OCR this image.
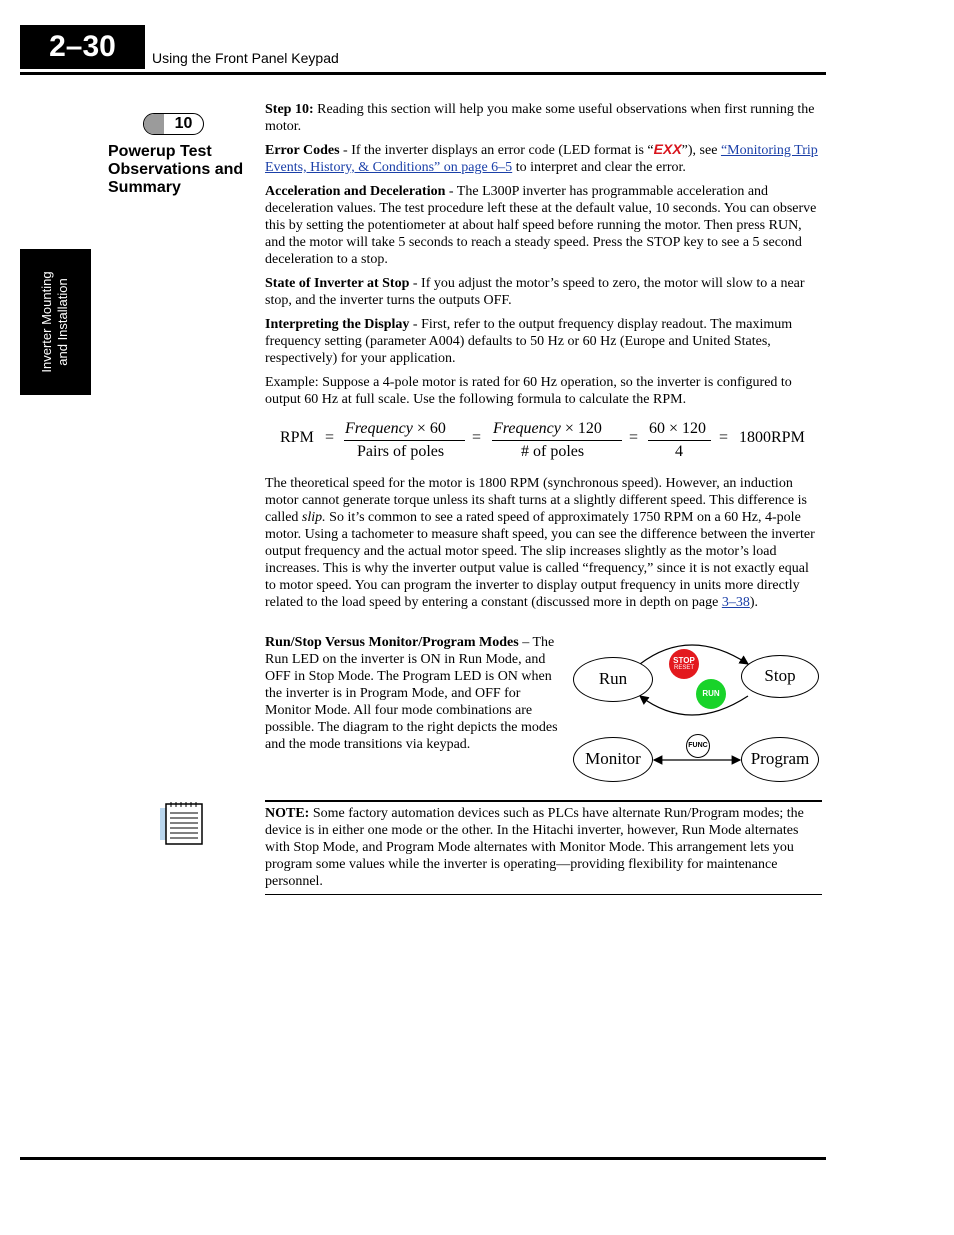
2–30	Using the Front Panel Keypad
Inverter Mounting and Installation
10
Powerup Test Observations and Summary

Step 10: Reading this section will help you make some useful observations when first running the motor.

Error Codes - If the inverter displays an error code (LED format is “EXX”), see “Monitoring Trip Events, History, & Conditions” on page 6–5 to interpret and clear the error.

Acceleration and Deceleration - The L300P inverter has programmable acceleration and deceleration values. The test procedure left these at the default value, 10 seconds. You can observe this by setting the potentiometer at about half speed before running the motor. Then press RUN, and the motor will take 5 seconds to reach a steady speed. Press the STOP key to see a 5 second deceleration to a stop.

State of Inverter at Stop - If you adjust the motor’s speed to zero, the motor will slow to a near stop, and the inverter turns the outputs OFF.

Interpreting the Display - First, refer to the output frequency display readout. The maximum frequency setting (parameter A004) defaults to 50 Hz or 60 Hz (Europe and United States, respectively) for your application.

Example: Suppose a 4-pole motor is rated for 60 Hz operation, so the inverter is configured to output 60 Hz at full scale. Use the following formula to calculate the RPM.

RPM =
Frequency × 60
Pairs of poles
=
Frequency × 120
# of poles
=
60 × 120
4
= 1800RPM

The theoretical speed for the motor is 1800 RPM (synchronous speed). However, an induction motor cannot generate torque unless its shaft turns at a slightly different speed. This difference is called slip. So it’s common to see a rated speed of approximately 1750 RPM on a 60 Hz, 4-pole motor. Using a tachometer to measure shaft speed, you can see the difference between the inverter output frequency and the actual motor speed. The slip increases slightly as the motor’s load increases. This is why the inverter output value is called “frequency,” since it is not exactly equal to motor speed. You can program the inverter to display output frequency in units more directly related to the load speed by entering a constant (discussed more in depth on page 3–38).

Run/Stop Versus Monitor/Program Modes – The Run LED on the inverter is ON in Run Mode, and OFF in Stop Mode. The Program LED is ON when the inverter is in Program Mode, and OFF for Monitor Mode. All four mode combinations are possible. The diagram to the right depicts the modes and the mode transitions via keypad.

Run	Stop
Monitor	Program
STOP
RESET
RUN
FUNC

NOTE: Some factory automation devices such as PLCs have alternate Run/Program modes; the device is in either one mode or the other. In the Hitachi inverter, however, Run Mode alternates with Stop Mode, and Program Mode alternates with Monitor Mode. This arrangement lets you program some values while the inverter is operating—providing flexibility for maintenance personnel.
